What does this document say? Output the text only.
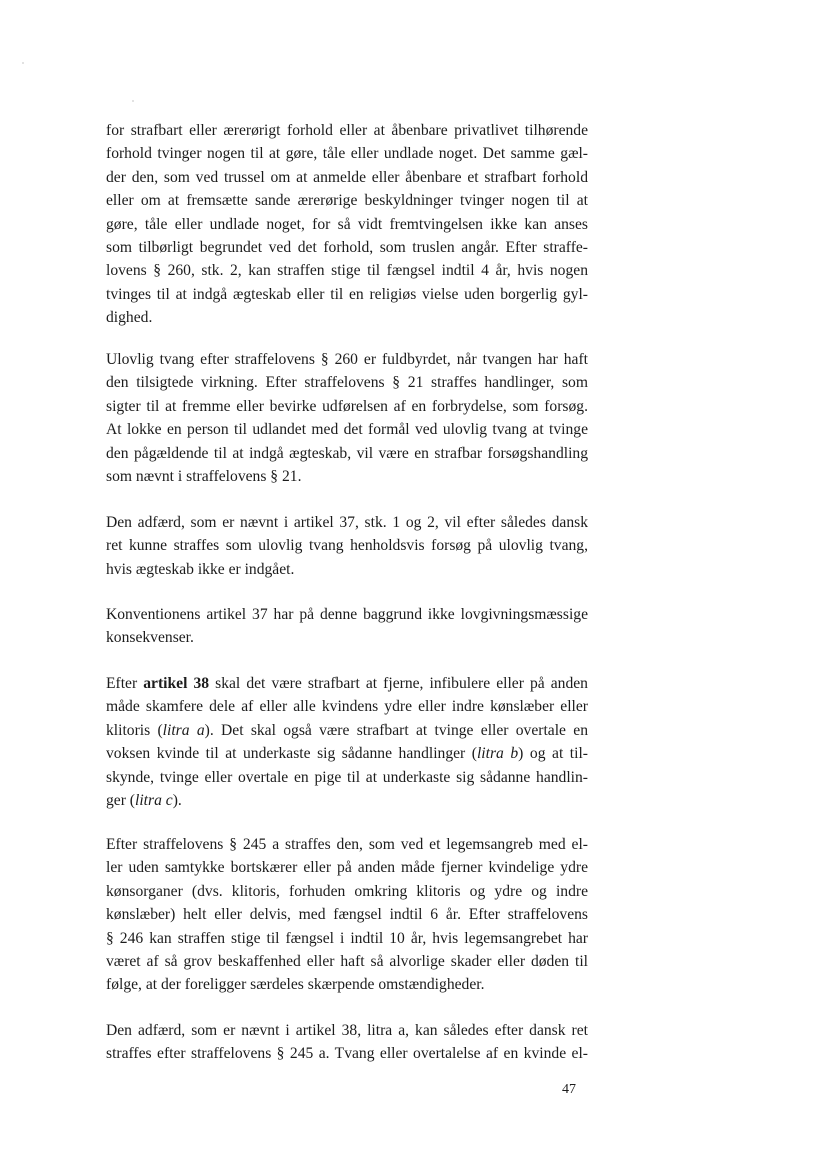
for strafbart eller ærerørigt forhold eller at åbenbare privatlivet tilhørende
forhold tvinger nogen til at gøre, tåle eller undlade noget. Det samme gæl-
der den, som ved trussel om at anmelde eller åbenbare et strafbart forhold
eller om at fremsætte sande ærerørige beskyldninger tvinger nogen til at
gøre, tåle eller undlade noget, for så vidt fremtvingelsen ikke kan anses
som tilbørligt begrundet ved det forhold, som truslen angår. Efter straffe-
lovens § 260, stk. 2, kan straffen stige til fængsel indtil 4 år, hvis nogen
tvinges til at indgå ægteskab eller til en religiøs vielse uden borgerlig gyl-
dighed.
Ulovlig tvang efter straffelovens § 260 er fuldbyrdet, når tvangen har haft
den tilsigtede virkning. Efter straffelovens § 21 straffes handlinger, som
sigter til at fremme eller bevirke udførelsen af en forbrydelse, som forsøg.
At lokke en person til udlandet med det formål ved ulovlig tvang at tvinge
den pågældende til at indgå ægteskab, vil være en strafbar forsøgshandling
som nævnt i straffelovens § 21.
Den adfærd, som er nævnt i artikel 37, stk. 1 og 2, vil efter således dansk
ret kunne straffes som ulovlig tvang henholdsvis forsøg på ulovlig tvang,
hvis ægteskab ikke er indgået.
Konventionens artikel 37 har på denne baggrund ikke lovgivningsmæssige
konsekvenser.
Efter artikel 38 skal det være strafbart at fjerne, infibulere eller på anden
måde skamfere dele af eller alle kvindens ydre eller indre kønslæber eller
klitoris (litra a). Det skal også være strafbart at tvinge eller overtale en
voksen kvinde til at underkaste sig sådanne handlinger (litra b) og at til-
skynde, tvinge eller overtale en pige til at underkaste sig sådanne handlin-
ger (litra c).
Efter straffelovens § 245 a straffes den, som ved et legemsangreb med el-
ler uden samtykke bortskærer eller på anden måde fjerner kvindelige ydre
kønsorganer (dvs. klitoris, forhuden omkring klitoris og ydre og indre
kønslæber) helt eller delvis, med fængsel indtil 6 år. Efter straffelovens
§ 246 kan straffen stige til fængsel i indtil 10 år, hvis legemsangrebet har
været af så grov beskaffenhed eller haft så alvorlige skader eller døden til
følge, at der foreligger særdeles skærpende omstændigheder.
Den adfærd, som er nævnt i artikel 38, litra a, kan således efter dansk ret
straffes efter straffelovens § 245 a. Tvang eller overtalelse af en kvinde el-
47
